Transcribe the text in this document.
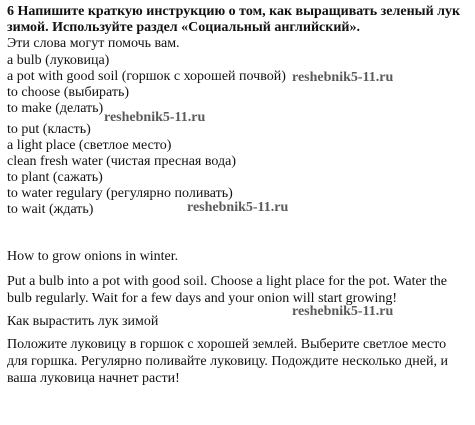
6 Напишите краткую инструкцию о том, как выращивать зеленый лук
зимой. Используйте раздел «Социальный английский».
Эти слова могут помочь вам.
a bulb (луковица)
a pot with good soil (горшок с хорошей почвой)
to choose (выбирать)
to make (делать)
to put (класть)
a light place (светлое место)
clean fresh water (чистая пресная вода)
to plant (сажать)
to water regulary (регулярно поливать)
to wait (ждать)
How to grow onions in winter.
Put a bulb into a pot with good soil. Choose a light place for the pot. Water the bulb regularly. Wait for a few days and your onion will start growing!
Как вырастить лук зимой
Положите луковицу в горшок с хорошей землей. Выберите светлое место для горшка. Регулярно поливайте луковицу. Подождите несколько дней, и ваша луковица начнет расти!
reshebnik5-11.ru
reshebnik5-11.ru
reshebnik5-11.ru
reshebnik5-11.ru
